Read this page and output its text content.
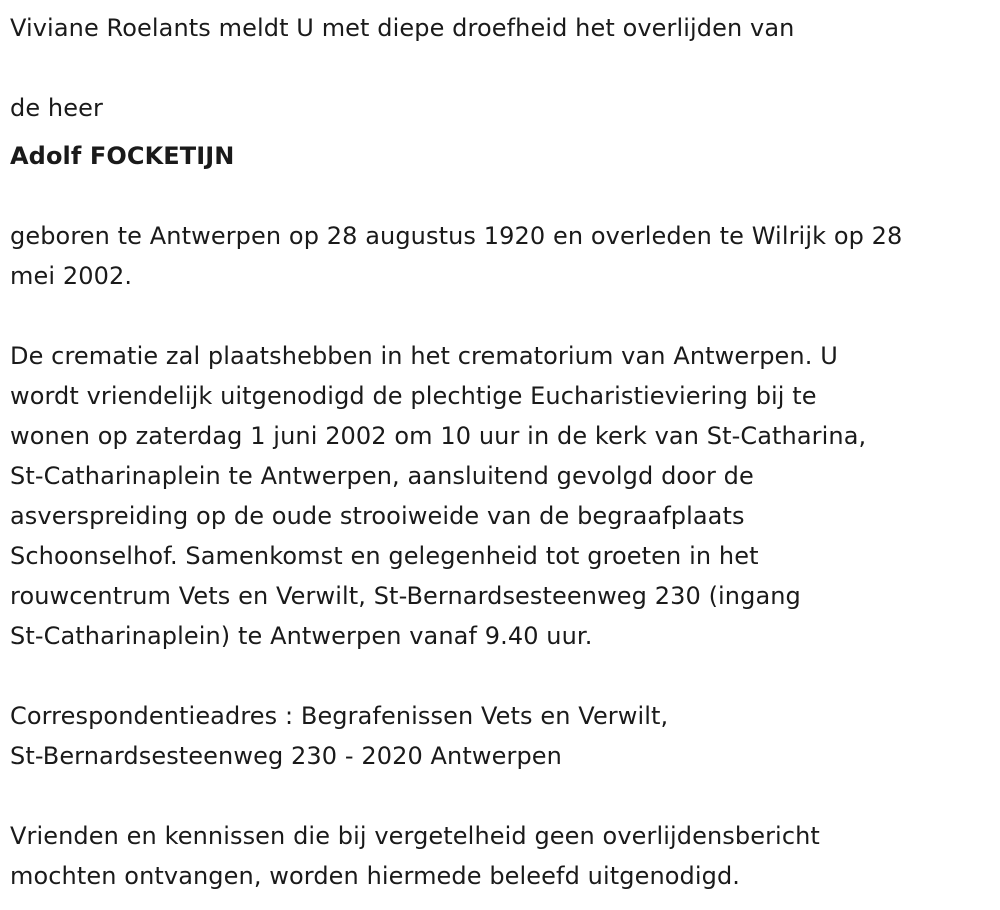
Viviane Roelants meldt U met diepe droefheid het overlijden van

de heer

Adolf FOCKETIJN

geboren te Antwerpen op 28 augustus 1920 en overleden te Wilrijk op 28

mei 2002.

De crematie zal plaatshebben in het crematorium van Antwerpen. U

wordt vriendelijk uitgenodigd de plechtige Eucharistieviering bij te

wonen op zaterdag 1 juni 2002 om 10 uur in de kerk van St-Catharina,

St-Catharinaplein te Antwerpen, aansluitend gevolgd door de

asverspreiding op de oude strooiweide van de begraafplaats

Schoonselhof. Samenkomst en gelegenheid tot groeten in het

rouwcentrum Vets en Verwilt, St-Bernardsesteenweg 230 (ingang

St-Catharinaplein) te Antwerpen vanaf 9.40 uur.

Correspondentieadres : Begrafenissen Vets en Verwilt,

St-Bernardsesteenweg 230 - 2020 Antwerpen

Vrienden en kennissen die bij vergetelheid geen overlijdensbericht

mochten ontvangen, worden hiermede beleefd uitgenodigd.
